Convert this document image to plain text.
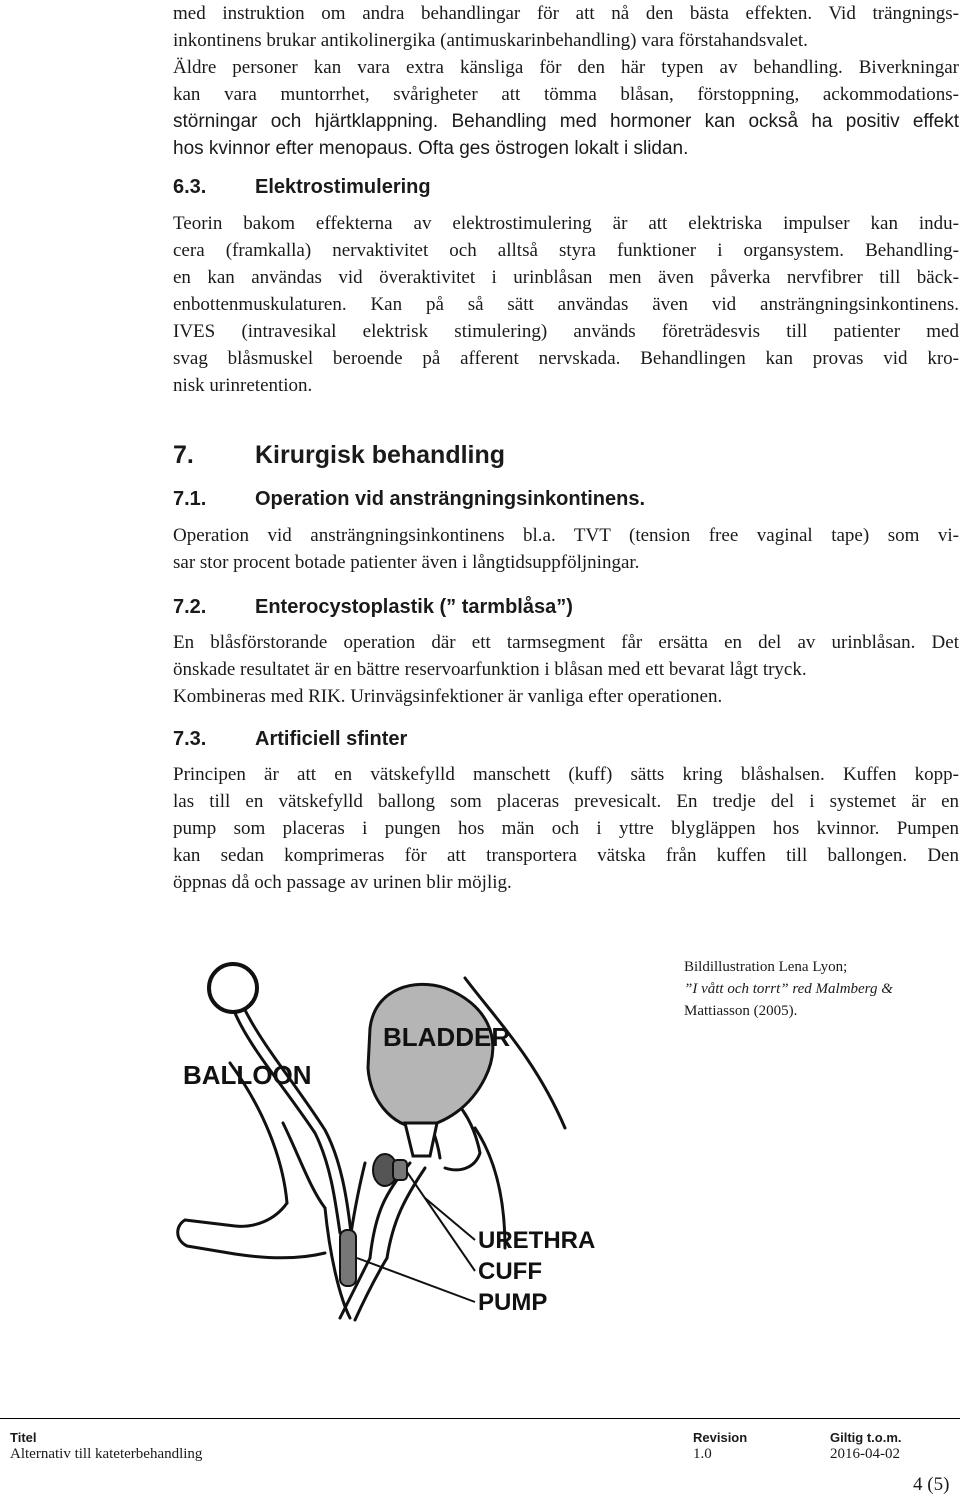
med instruktion om andra behandlingar för att nå den bästa effekten. Vid trängnings-
inkontinens brukar antikolinergika (antimuskarinbehandling) vara förstahandsvalet.
Äldre personer kan vara extra känsliga för den här typen av behandling. Biverkningar
kan vara muntorrhet, svårigheter att tömma blåsan, förstoppning, ackommodations-
störningar och hjärtklappning. Behandling med hormoner kan också ha positiv effekt
hos kvinnor efter menopaus. Ofta ges östrogen lokalt i slidan.
6.3. Elektrostimulering
Teorin bakom effekterna av elektrostimulering är att elektriska impulser kan indu-
cera (framkalla) nervaktivitet och alltså styra funktioner i organsystem. Behandling-
en kan användas vid överaktivitet i urinblåsan men även påverka nervfibrer till bäck-
enbottenmuskulaturen. Kan på så sätt användas även vid ansträngningsinkontinens.
IVES (intravesikal elektrisk stimulering) används företrädesvis till patienter med
svag blåsmuskel beroende på afferent nervskada. Behandlingen kan provas vid kro-
nisk urinretention.
7. Kirurgisk behandling
7.1. Operation vid ansträngningsinkontinens.
Operation vid ansträngningsinkontinens bl.a. TVT (tension free vaginal tape) som vi-
sar stor procent botade patienter även i långtidsuppföljningar.
7.2. Enterocystoplastik (” tarmblåsa”)
En blåsförstorande operation där ett tarmsegment får ersätta en del av urinblåsan. Det
önskade resultatet är en bättre reservoarfunktion i blåsan med ett bevarat lågt tryck.
Kombineras med RIK. Urinvägsinfektioner är vanliga efter operationen.
7.3. Artificiell sfinter
Principen är att en vätskefylld manschett (kuff) sätts kring blåshalsen. Kuffen kopp-
las till en vätskefylld ballong som placeras prevesicalt. En tredje del i systemet är en
pump som placeras i pungen hos män och i yttre blygläppen hos kvinnor. Pumpen
kan sedan komprimeras för att transportera vätska från kuffen till ballongen. Den
öppnas då och passage av urinen blir möjlig.
BALLOON
BLADDER
URETHRA
CUFF
PUMP
Bildillustration Lena Lyon;
”I vått och torrt” red Malmberg &
Mattiasson (2005).
Titel
Alternativ till kateterbehandling
Revision
1.0
Giltig t.o.m.
2016-04-02
4 (5)
